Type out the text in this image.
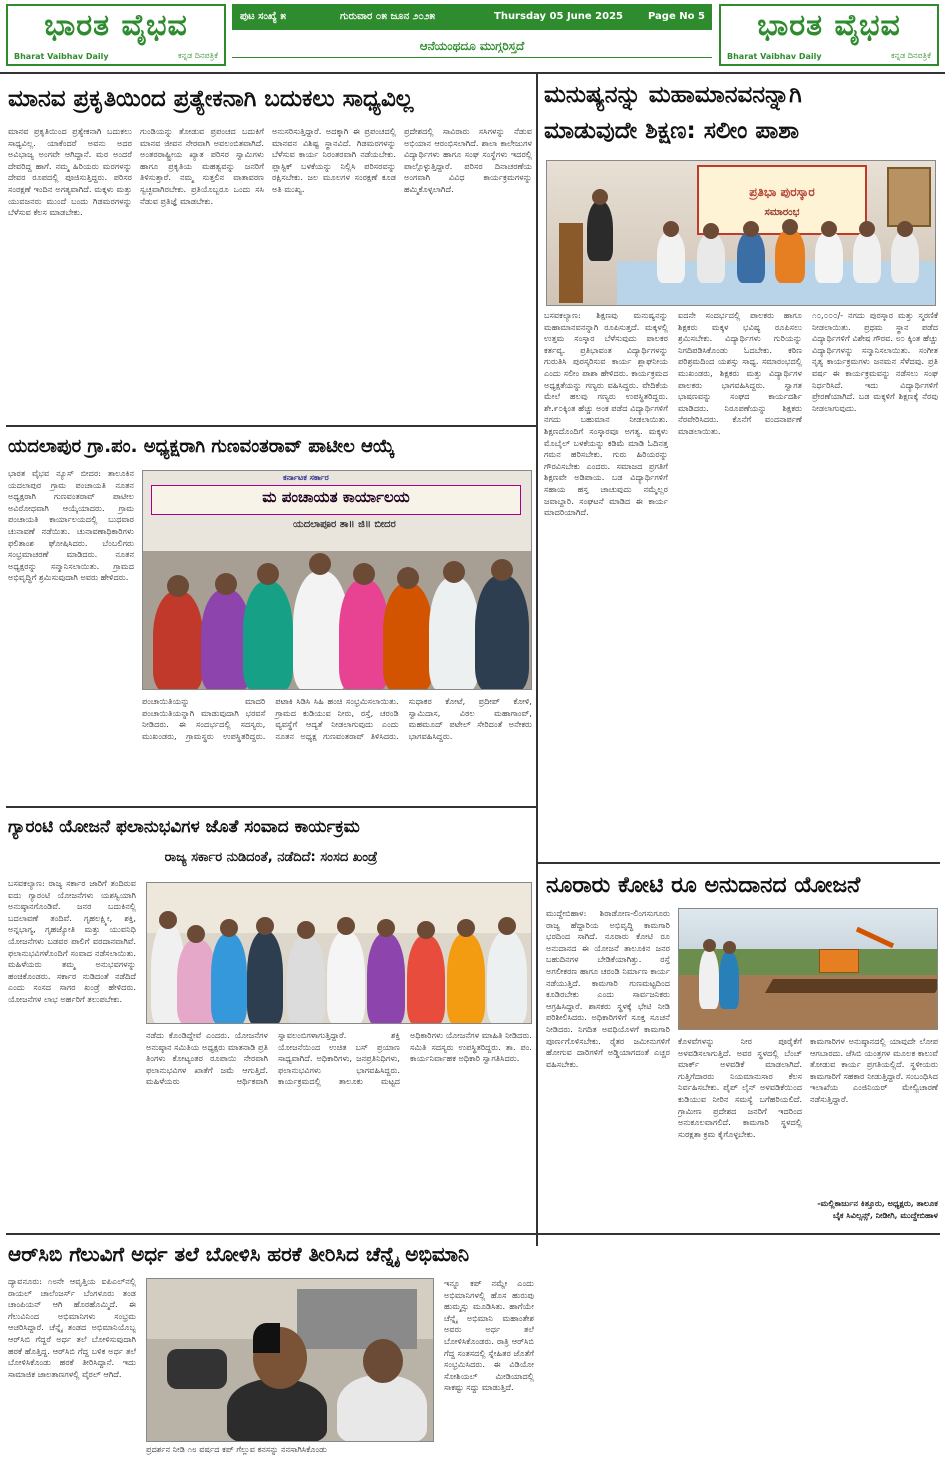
ಭಾರತ ವೈಭವ
Bharat Vaibhav Daily	ಕನ್ನಡ ದಿನಪತ್ರಿಕೆ
ಪುಟ ಸಂಖ್ಯೆ ೫	ಗುರುವಾರ ೦೫ ಜೂನ ೨೦೨೫	Thursday 05 June 2025	Page No 5
ಆನೆಯಂಥದೂ ಮುಗ್ಗರಿಸ್ತದೆ
ಭಾರತ ವೈಭವ
Bharat Vaibhav Daily	ಕನ್ನಡ ದಿನಪತ್ರಿಕೆ
ಮಾನವ ಪ್ರಕೃತಿಯಿಂದ ಪ್ರತ್ಯೇಕನಾಗಿ ಬದುಕಲು ಸಾಧ್ಯವಿಲ್ಲ
ಮಾನವ ಪ್ರಕೃತಿಯಿಂದ ಪ್ರತ್ಯೇಕನಾಗಿ ಬದುಕಲು ಸಾಧ್ಯವಿಲ್ಲ. ಯಾಕೆಂದರೆ ಅವನು ಅದರ ಅವಿಭಾಜ್ಯ ಅಂಗವೇ ಆಗಿದ್ದಾನೆ. ಮರ ಅಂದರೆ ದೇವರಿದ್ದ ಹಾಗೆ. ನಮ್ಮ ಹಿರಿಯರು ಮರಗಳನ್ನು ದೇವರ ರೂಪದಲ್ಲಿ ಪೂಜಿಸುತ್ತಿದ್ದರು. ಪರಿಸರ ಸಂರಕ್ಷಣೆ ಇಂದಿನ ಅಗತ್ಯವಾಗಿದೆ. ಮಕ್ಕಳು ಮತ್ತು ಯುವಜನರು ಮುಂದೆ ಬಂದು ಗಿಡಮರಗಳನ್ನು ಬೆಳೆಸುವ ಕೆಲಸ ಮಾಡಬೇಕು.
ಗುಂಡಿಯನ್ನು ತೋಡುವ ಪ್ರಪಂಚದ ಬದುಕಿಗೆ ಮಾನವ ಜೀವನ ನೇರವಾಗಿ ಅವಲಂಬಿತವಾಗಿದೆ. ಅಂತರರಾಷ್ಟ್ರೀಯ ಖ್ಯಾತ ಪರಿಸರ ಸ್ವಾಮಿಗಳು ಹಾಗೂ ಪ್ರಕೃತಿಯ ಮಹತ್ವವನ್ನು ಜನರಿಗೆ ತಿಳಿಸುತ್ತಾರೆ. ನಮ್ಮ ಸುತ್ತಲಿನ ವಾತಾವರಣ ಸ್ವಚ್ಛವಾಗಿರಬೇಕು. ಪ್ರತಿಯೊಬ್ಬರೂ ಒಂದು ಸಸಿ ನೆಡುವ ಪ್ರತಿಜ್ಞೆ ಮಾಡಬೇಕು.
ಅನುಸರಿಸುತ್ತಿದ್ದಾರೆ. ಅದಕ್ಕಾಗಿ ಈ ಪ್ರಪಂಚದಲ್ಲಿ ಮಾನವನ ವಿಶಿಷ್ಟ ಸ್ಥಾನವಿದೆ. ಗಿಡಮರಗಳನ್ನು ಬೆಳೆಸುವ ಕಾರ್ಯ ನಿರಂತರವಾಗಿ ನಡೆಯಬೇಕು. ಪ್ಲಾಸ್ಟಿಕ್ ಬಳಕೆಯನ್ನು ನಿಲ್ಲಿಸಿ ಪರಿಸರವನ್ನು ರಕ್ಷಿಸಬೇಕು. ಜಲ ಮೂಲಗಳ ಸಂರಕ್ಷಣೆ ಕೂಡ ಅತಿ ಮುಖ್ಯ.
ಪ್ರದೇಶದಲ್ಲಿ ಸಾವಿರಾರು ಸಸಿಗಳನ್ನು ನೆಡುವ ಅಭಿಯಾನ ಆರಂಭಿಸಲಾಗಿದೆ. ಶಾಲಾ ಕಾಲೇಜುಗಳ ವಿದ್ಯಾರ್ಥಿಗಳು ಹಾಗೂ ಸಂಘ ಸಂಸ್ಥೆಗಳು ಇದರಲ್ಲಿ ಪಾಲ್ಗೊಳ್ಳುತ್ತಿದ್ದಾರೆ. ಪರಿಸರ ದಿನಾಚರಣೆಯ ಅಂಗವಾಗಿ ವಿವಿಧ ಕಾರ್ಯಕ್ರಮಗಳನ್ನು ಹಮ್ಮಿಕೊಳ್ಳಲಾಗಿದೆ.
ಮನುಷ್ಯನನ್ನು ಮಹಾಮಾನವನನ್ನಾಗಿ
ಮಾಡುವುದೇ ಶಿಕ್ಷಣ: ಸಲೀಂ ಪಾಶಾ
ಪ್ರತಿಭಾ ಪುರಸ್ಕಾರ
ಸಮಾರಂಭ
ಬಸವಕಲ್ಯಾಣ: ಶಿಕ್ಷಣವು ಮನುಷ್ಯನನ್ನು ಮಹಾಮಾನವನನ್ನಾಗಿ ರೂಪಿಸುತ್ತದೆ. ಮಕ್ಕಳಲ್ಲಿ ಉತ್ತಮ ಸಂಸ್ಕಾರ ಬೆಳೆಸುವುದು ಪಾಲಕರ ಕರ್ತವ್ಯ. ಪ್ರತಿಭಾವಂತ ವಿದ್ಯಾರ್ಥಿಗಳನ್ನು ಗುರುತಿಸಿ ಪುರಸ್ಕರಿಸುವ ಕಾರ್ಯ ಶ್ಲಾಘನೀಯ ಎಂದು ಸಲೀಂ ಪಾಶಾ ಹೇಳಿದರು. ಕಾರ್ಯಕ್ರಮದ ಅಧ್ಯಕ್ಷತೆಯನ್ನು ಗಣ್ಯರು ವಹಿಸಿದ್ದರು. ವೇದಿಕೆಯ ಮೇಲೆ ಹಲವು ಗಣ್ಯರು ಉಪಸ್ಥಿತರಿದ್ದರು. ಶೇ.೯೦ಕ್ಕಿಂತ ಹೆಚ್ಚು ಅಂಕ ಪಡೆದ ವಿದ್ಯಾರ್ಥಿಗಳಿಗೆ ನಗದು ಬಹುಮಾನ ನೀಡಲಾಯಿತು. ಶಿಕ್ಷಣದೊಂದಿಗೆ ಸಂಸ್ಕಾರವೂ ಅಗತ್ಯ. ಮಕ್ಕಳು ಮೊಬೈಲ್ ಬಳಕೆಯನ್ನು ಕಡಿಮೆ ಮಾಡಿ ಓದಿನತ್ತ ಗಮನ ಹರಿಸಬೇಕು. ಗುರು ಹಿರಿಯರನ್ನು ಗೌರವಿಸಬೇಕು ಎಂದರು. ಸಮಾಜದ ಪ್ರಗತಿಗೆ ಶಿಕ್ಷಣವೇ ಅಡಿಪಾಯ. ಬಡ ವಿದ್ಯಾರ್ಥಿಗಳಿಗೆ ಸಹಾಯ ಹಸ್ತ ಚಾಚುವುದು ನಮ್ಮೆಲ್ಲರ ಜವಾಬ್ದಾರಿ. ಸಂಘಟನೆ ಮಾಡಿದ ಈ ಕಾರ್ಯ ಮಾದರಿಯಾಗಿದೆ.
ಐದನೇ ಸಂದರ್ಭದಲ್ಲಿ ಪಾಲಕರು ಹಾಗೂ ಶಿಕ್ಷಕರು ಮಕ್ಕಳ ಭವಿಷ್ಯ ರೂಪಿಸಲು ಶ್ರಮಿಸಬೇಕು. ವಿದ್ಯಾರ್ಥಿಗಳು ಗುರಿಯನ್ನು ನಿಗದಿಪಡಿಸಿಕೊಂಡು ಓದಬೇಕು. ಕಠಿಣ ಪರಿಶ್ರಮದಿಂದ ಯಶಸ್ಸು ಸಾಧ್ಯ. ಸಮಾರಂಭದಲ್ಲಿ ಮುಖಂಡರು, ಶಿಕ್ಷಕರು ಮತ್ತು ವಿದ್ಯಾರ್ಥಿಗಳ ಪಾಲಕರು ಭಾಗವಹಿಸಿದ್ದರು. ಸ್ವಾಗತ ಭಾಷಣವನ್ನು ಸಂಘದ ಕಾರ್ಯದರ್ಶಿ ಮಾಡಿದರು. ನಿರೂಪಣೆಯನ್ನು ಶಿಕ್ಷಕರು ನೆರವೇರಿಸಿದರು. ಕೊನೆಗೆ ವಂದನಾರ್ಪಣೆ ಮಾಡಲಾಯಿತು.
೧೦,೦೦೦/- ನಗದು ಪುರಸ್ಕಾರ ಮತ್ತು ಸ್ಮರಣಿಕೆ ನೀಡಲಾಯಿತು. ಪ್ರಥಮ ಸ್ಥಾನ ಪಡೆದ ವಿದ್ಯಾರ್ಥಿಗಳಿಗೆ ವಿಶೇಷ ಗೌರವ. ೮೦ ಕ್ಕಿಂತ ಹೆಚ್ಚು ವಿದ್ಯಾರ್ಥಿಗಳನ್ನು ಸನ್ಮಾನಿಸಲಾಯಿತು. ಸಂಗೀತ ನೃತ್ಯ ಕಾರ್ಯಕ್ರಮಗಳು ಜನಮನ ಸೆಳೆದವು. ಪ್ರತಿ ವರ್ಷ ಈ ಕಾರ್ಯಕ್ರಮವನ್ನು ನಡೆಸಲು ಸಂಘ ನಿರ್ಧರಿಸಿದೆ. ಇದು ವಿದ್ಯಾರ್ಥಿಗಳಿಗೆ ಪ್ರೇರಣೆಯಾಗಿದೆ. ಬಡ ಮಕ್ಕಳಿಗೆ ಶಿಕ್ಷಣಕ್ಕೆ ನೆರವು ನೀಡಲಾಗುವುದು.
ಯದಲಾಪುರ ಗ್ರಾ.ಪಂ. ಅಧ್ಯಕ್ಷರಾಗಿ ಗುಣವಂತರಾವ್ ಪಾಟೀಲ ಆಯ್ಕೆ
ಭಾರತ ವೈಭವ ನ್ಯೂಸ್ ಬೀದರ: ತಾಲೂಕಿನ ಯದಲಾಪುರ ಗ್ರಾಮ ಪಂಚಾಯತಿ ನೂತನ ಅಧ್ಯಕ್ಷರಾಗಿ ಗುಣವಂತರಾವ್ ಪಾಟೀಲ ಅವಿರೋಧವಾಗಿ ಆಯ್ಕೆಯಾದರು. ಗ್ರಾಮ ಪಂಚಾಯತಿ ಕಾರ್ಯಾಲಯದಲ್ಲಿ ಬುಧವಾರ ಚುನಾವಣೆ ನಡೆಯಿತು. ಚುನಾವಣಾಧಿಕಾರಿಗಳು ಫಲಿತಾಂಶ ಘೋಷಿಸಿದರು. ಬೆಂಬಲಿಗರು ಸಂಭ್ರಮಾಚರಣೆ ಮಾಡಿದರು. ನೂತನ ಅಧ್ಯಕ್ಷರನ್ನು ಸನ್ಮಾನಿಸಲಾಯಿತು. ಗ್ರಾಮದ ಅಭಿವೃದ್ಧಿಗೆ ಶ್ರಮಿಸುವುದಾಗಿ ಅವರು ಹೇಳಿದರು.
ಕರ್ನಾಟಕ ಸರ್ಕಾರ
ಮ ಪಂಚಾಯತ ಕಾರ್ಯಾಲಯ
ಯದಲಾಪೂರ ತಾ॥ ಜಿ॥ ಬೀದರ
ಪಂಚಾಯಿತಿಯನ್ನು ಮಾದರಿ ಪಂಚಾಯಿತಿಯನ್ನಾಗಿ ಮಾಡುವುದಾಗಿ ಭರವಸೆ ನೀಡಿದರು. ಈ ಸಂದರ್ಭದಲ್ಲಿ ಸದಸ್ಯರು, ಮುಖಂಡರು, ಗ್ರಾಮಸ್ಥರು ಉಪಸ್ಥಿತರಿದ್ದರು. ಪಟಾಕಿ ಸಿಡಿಸಿ ಸಿಹಿ ಹಂಚಿ ಸಂಭ್ರಮಿಸಲಾಯಿತು. ಗ್ರಾಮದ ಕುಡಿಯುವ ನೀರು, ರಸ್ತೆ, ಚರಂಡಿ ವ್ಯವಸ್ಥೆಗೆ ಆದ್ಯತೆ ನೀಡಲಾಗುವುದು ಎಂದು ನೂತನ ಅಧ್ಯಕ್ಷ ಗುಣವಂತರಾವ್ ತಿಳಿಸಿದರು. ಸುಧಾಕರ ಕೋಟೆ, ಪ್ರದೀಪ್ ಕೋಳಿ, ಸ್ವಾಮಿದಾಸ, ವಿಠಲ ಮಹಾಗಾಂವ್, ಮಹಮೂದ್ ಪಟೇಲ್ ಸೇರಿದಂತೆ ಅನೇಕರು ಭಾಗವಹಿಸಿದ್ದರು.
ಗ್ಯಾರಂಟಿ ಯೋಜನೆ ಫಲಾನುಭವಿಗಳ ಜೊತೆ ಸಂವಾದ ಕಾರ್ಯಕ್ರಮ
ರಾಜ್ಯ ಸರ್ಕಾರ ನುಡಿದಂತೆ, ನಡೆದಿದೆ: ಸಂಸದ ಖಂಡ್ರೆ
ಬಸವಕಲ್ಯಾಣ: ರಾಜ್ಯ ಸರ್ಕಾರ ಜಾರಿಗೆ ತಂದಿರುವ ಐದು ಗ್ಯಾರಂಟಿ ಯೋಜನೆಗಳು ಯಶಸ್ವಿಯಾಗಿ ಅನುಷ್ಠಾನಗೊಂಡಿವೆ. ಜನರ ಬದುಕಿನಲ್ಲಿ ಬದಲಾವಣೆ ತಂದಿವೆ. ಗೃಹಲಕ್ಷ್ಮೀ, ಶಕ್ತಿ, ಅನ್ನಭಾಗ್ಯ, ಗೃಹಜ್ಯೋತಿ ಮತ್ತು ಯುವನಿಧಿ ಯೋಜನೆಗಳು ಬಡವರ ಪಾಲಿಗೆ ವರದಾನವಾಗಿವೆ. ಫಲಾನುಭವಿಗಳೊಂದಿಗೆ ಸಂವಾದ ನಡೆಸಲಾಯಿತು. ಮಹಿಳೆಯರು ತಮ್ಮ ಅನುಭವಗಳನ್ನು ಹಂಚಿಕೊಂಡರು. ಸರ್ಕಾರ ನುಡಿದಂತೆ ನಡೆದಿದೆ ಎಂದು ಸಂಸದ ಸಾಗರ ಖಂಡ್ರೆ ಹೇಳಿದರು. ಯೋಜನೆಗಳ ಲಾಭ ಅರ್ಹರಿಗೆ ತಲುಪಬೇಕು.
ನಡೆದು ಕೊಂಡಿದ್ದೇವೆ ಎಂದರು. ಯೋಜನೆಗಳ ಅನುಷ್ಠಾನ ಸಮಿತಿಯ ಅಧ್ಯಕ್ಷರು ಮಾತನಾಡಿ ಪ್ರತಿ ತಿಂಗಳು ಕೋಟ್ಯಂತರ ರೂಪಾಯಿ ನೇರವಾಗಿ ಫಲಾನುಭವಿಗಳ ಖಾತೆಗೆ ಜಮೆ ಆಗುತ್ತಿದೆ. ಮಹಿಳೆಯರು ಆರ್ಥಿಕವಾಗಿ ಸ್ವಾವಲಂಬಿಗಳಾಗುತ್ತಿದ್ದಾರೆ. ಶಕ್ತಿ ಯೋಜನೆಯಿಂದ ಉಚಿತ ಬಸ್ ಪ್ರಯಾಣ ಸಾಧ್ಯವಾಗಿದೆ. ಅಧಿಕಾರಿಗಳು, ಜನಪ್ರತಿನಿಧಿಗಳು, ಫಲಾನುಭವಿಗಳು ಭಾಗವಹಿಸಿದ್ದರು. ಕಾರ್ಯಕ್ರಮದಲ್ಲಿ ತಾಲೂಕು ಮಟ್ಟದ ಅಧಿಕಾರಿಗಳು ಯೋಜನೆಗಳ ಮಾಹಿತಿ ನೀಡಿದರು. ಸಮಿತಿ ಸದಸ್ಯರು ಉಪಸ್ಥಿತರಿದ್ದರು. ತಾ. ಪಂ. ಕಾರ್ಯನಿರ್ವಾಹಕ ಅಧಿಕಾರಿ ಸ್ವಾಗತಿಸಿದರು.
ನೂರಾರು ಕೋಟಿ ರೂ ಅನುದಾನದ ಯೋಜನೆ
ಮುದ್ದೇಬಿಹಾಳ: ಶಿರಾಡೋಣ-ಲಿಂಗಸುಗೂರು ರಾಜ್ಯ ಹೆದ್ದಾರಿಯ ಅಭಿವೃದ್ಧಿ ಕಾಮಗಾರಿ ಭರದಿಂದ ಸಾಗಿದೆ. ನೂರಾರು ಕೋಟಿ ರೂ ಅನುದಾನದ ಈ ಯೋಜನೆ ತಾಲೂಕಿನ ಜನರ ಬಹುದಿನಗಳ ಬೇಡಿಕೆಯಾಗಿತ್ತು. ರಸ್ತೆ ಅಗಲೀಕರಣ ಹಾಗೂ ಚರಂಡಿ ನಿರ್ಮಾಣ ಕಾರ್ಯ ನಡೆಯುತ್ತಿದೆ. ಕಾಮಗಾರಿ ಗುಣಮಟ್ಟದಿಂದ ಕೂಡಿರಬೇಕು ಎಂದು ಸಾರ್ವಜನಿಕರು ಆಗ್ರಹಿಸಿದ್ದಾರೆ. ಶಾಸಕರು ಸ್ಥಳಕ್ಕೆ ಭೇಟಿ ನೀಡಿ ಪರಿಶೀಲಿಸಿದರು. ಅಧಿಕಾರಿಗಳಿಗೆ ಸೂಕ್ತ ಸೂಚನೆ ನೀಡಿದರು. ನಿಗದಿತ ಅವಧಿಯೊಳಗೆ ಕಾಮಗಾರಿ ಪೂರ್ಣಗೊಳಿಸಬೇಕು. ರೈತರ ಜಮೀನುಗಳಿಗೆ ಹೋಗುವ ದಾರಿಗಳಿಗೆ ಅಡ್ಡಿಯಾಗದಂತೆ ಎಚ್ಚರ ವಹಿಸಬೇಕು.
ಕೊಳವೆಗಳನ್ನು ನೀರ ಪೂರೈಕೆಗೆ ಅಳವಡಿಸಲಾಗುತ್ತಿದೆ. ಅವರ ಸ್ಥಳದಲ್ಲಿ ಬೆಂಚ್ ಮಾರ್ಕ್ ಅಳವಡಿಕೆ ಮಾಡಲಾಗಿದೆ. ಗುತ್ತಿಗೆದಾರರು ನಿಯಮಾನುಸಾರ ಕೆಲಸ ನಿರ್ವಹಿಸಬೇಕು. ಪೈಪ್ ಲೈನ್ ಅಳವಡಿಕೆಯಿಂದ ಕುಡಿಯುವ ನೀರಿನ ಸಮಸ್ಯೆ ಬಗೆಹರಿಯಲಿದೆ. ಗ್ರಾಮೀಣ ಪ್ರದೇಶದ ಜನರಿಗೆ ಇದರಿಂದ ಅನುಕೂಲವಾಗಲಿದೆ. ಕಾಮಗಾರಿ ಸ್ಥಳದಲ್ಲಿ ಸುರಕ್ಷತಾ ಕ್ರಮ ಕೈಗೊಳ್ಳಬೇಕು.
ಕಾಮಗಾರಿಗಳ ಅನುಷ್ಠಾನದಲ್ಲಿ ಯಾವುದೇ ಲೋಪ ಆಗಬಾರದು. ಜೆಸಿಬಿ ಯಂತ್ರಗಳ ಮೂಲಕ ಕಾಲುವೆ ತೋಡುವ ಕಾರ್ಯ ಪ್ರಗತಿಯಲ್ಲಿದೆ. ಸ್ಥಳೀಯರು ಕಾಮಗಾರಿಗೆ ಸಹಕಾರ ನೀಡುತ್ತಿದ್ದಾರೆ. ಸಂಬಂಧಿಸಿದ ಇಲಾಖೆಯ ಎಂಜಿನಿಯರ್ ಮೇಲ್ವಿಚಾರಣೆ ನಡೆಸುತ್ತಿದ್ದಾರೆ.
-ಮಲ್ಲಿಕಾರ್ಜುನ ಕಿತ್ತೂರು, ಅಧ್ಯಕ್ಷರು, ತಾಲೂಕ ಬೈಕ ಸಿವಿಲ್ಸನ್ಸ್, ನೀಡೀಗಿ, ಮುದ್ದೇಬಿಹಾಳ
ಆರ್‌ಸಿಬಿ ಗೆಲುವಿಗೆ ಅರ್ಧ ತಲೆ ಬೋಳಿಸಿ ಹರಕೆ ತೀರಿಸಿದ ಚೆನ್ನೈ ಅಭಿಮಾನಿ
ದ್ಯಾವನೂರು: ೧೮ನೇ ಆವೃತ್ತಿಯ ಐಪಿಎಲ್‌ನಲ್ಲಿ ರಾಯಲ್ ಚಾಲೆಂಜರ್ಸ್ ಬೆಂಗಳೂರು ತಂಡ ಚಾಂಪಿಯನ್ ಆಗಿ ಹೊರಹೊಮ್ಮಿದೆ. ಈ ಗೆಲುವಿನಿಂದ ಅಭಿಮಾನಿಗಳು ಸಂಭ್ರಮ ಆಚರಿಸಿದ್ದಾರೆ. ಚೆನ್ನೈ ತಂಡದ ಅಭಿಮಾನಿಯೊಬ್ಬ ಆರ್‌ಸಿಬಿ ಗೆದ್ದರೆ ಅರ್ಧ ತಲೆ ಬೋಳಿಸುವುದಾಗಿ ಹರಕೆ ಹೊತ್ತಿದ್ದ. ಆರ್‌ಸಿಬಿ ಗೆದ್ದ ಬಳಿಕ ಅರ್ಧ ತಲೆ ಬೋಳಿಸಿಕೊಂಡು ಹರಕೆ ತೀರಿಸಿದ್ದಾನೆ. ಇದು ಸಾಮಾಜಿಕ ಜಾಲತಾಣಗಳಲ್ಲಿ ವೈರಲ್ ಆಗಿದೆ.
ಪ್ರದರ್ಶನ ನೀಡಿ ೧೮ ವರ್ಷದ ಕಪ್ ಗೆಲ್ಲುವ ಕನಸನ್ನು ನನಸಾಗಿಸಿಕೊಂಡು
ಇನ್ನೂ ಕಪ್ ನಮ್ದೇ ಎಂದು ಅಭಿಮಾನಿಗಳಲ್ಲಿ ಹೊಸ ಹುರುಪು ಹುಮ್ಮಸ್ಸು ಮೂಡಿಸಿತು. ಹಾಗೆಯೇ ಚೆನ್ನೈ ಅಭಿಮಾನಿ ಮಹಾಂತೇಶ ಅವರು ಅರ್ಧ ತಲೆ ಬೋಳಿಸಿಕೊಂಡರು. ರಾತ್ರಿ ಆರ್‌ಸಿಬಿ ಗೆದ್ದ ಸಂತಸದಲ್ಲಿ ಸ್ನೇಹಿತರ ಜೊತೆಗೆ ಸಂಭ್ರಮಿಸಿದರು. ಈ ವಿಡಿಯೋ ಸೋಶಿಯಲ್ ಮೀಡಿಯಾದಲ್ಲಿ ಸಾಕಷ್ಟು ಸದ್ದು ಮಾಡುತ್ತಿದೆ.
